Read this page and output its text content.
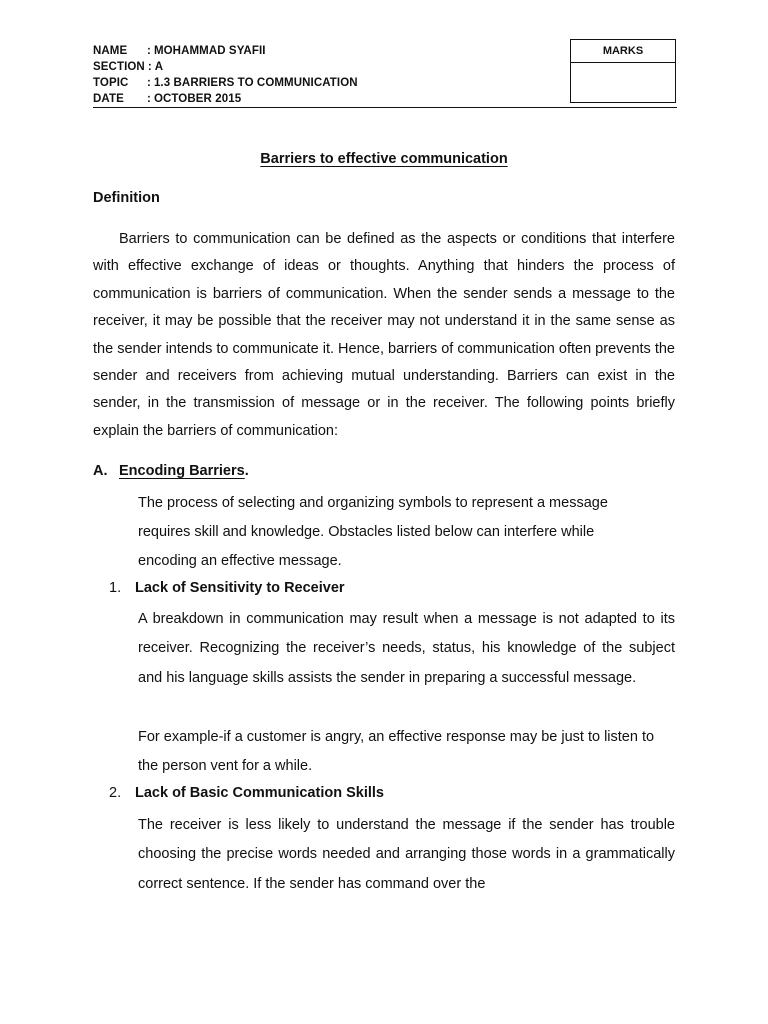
NAME	: MOHAMMAD SYAFII
SECTION : A
TOPIC	: 1.3 BARRIERS TO COMMUNICATION
DATE	: OCTOBER 2015
MARKS
Barriers to effective communication
Definition
Barriers to communication can be defined as the aspects or conditions that interfere with effective exchange of ideas or thoughts. Anything that hinders the process of communication is barriers of communication. When the sender sends a message to the receiver, it may be possible that the receiver may not understand it in the same sense as the sender intends to communicate it. Hence, barriers of communication often prevents the sender and receivers from achieving mutual understanding. Barriers can exist in the sender, in the transmission of message or in the receiver. The following points briefly explain the barriers of communication:
A. Encoding Barriers.
The process of selecting and organizing symbols to represent a message requires skill and knowledge. Obstacles listed below can interfere while encoding an effective message.
1. Lack of Sensitivity to Receiver
A breakdown in communication may result when a message is not adapted to its receiver. Recognizing the receiver’s needs, status, his knowledge of the subject and his language skills assists the sender in preparing a successful message.
For example-if a customer is angry, an effective response may be just to listen to the person vent for a while.
2. Lack of Basic Communication Skills
The receiver is less likely to understand the message if the sender has trouble choosing the precise words needed and arranging those words in a grammatically correct sentence. If the sender has command over the
